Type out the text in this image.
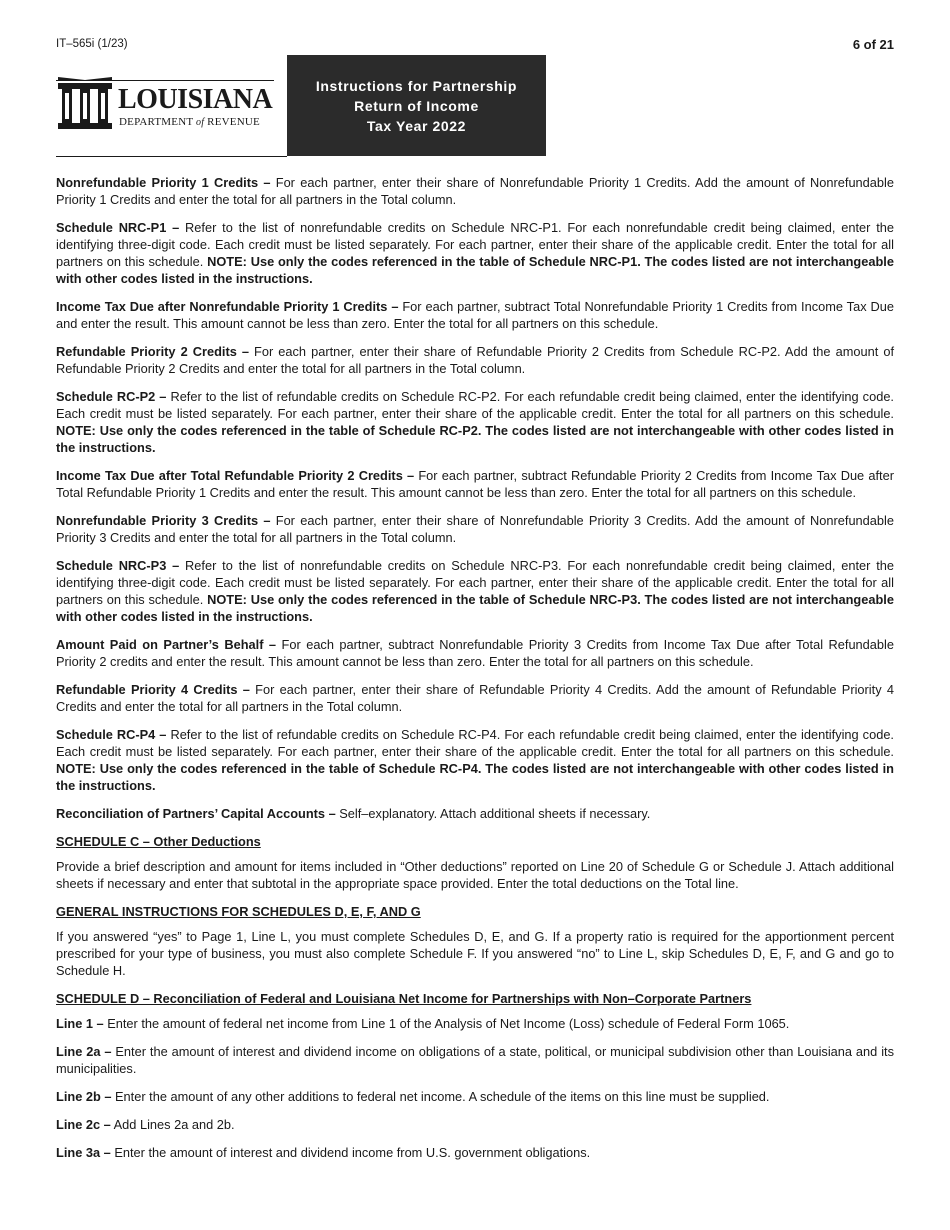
IT–565i (1/23)	6 of 21
LOUISIANA
DEPARTMENT of REVENUE
Instructions for Partnership
Return of Income
Tax Year 2022

Nonrefundable Priority 1 Credits – For each partner, enter their share of Nonrefundable Priority 1 Credits. Add the amount of Nonrefundable Priority 1 Credits and enter the total for all partners in the Total column.

Schedule NRC-P1 – Refer to the list of nonrefundable credits on Schedule NRC-P1. For each nonrefundable credit being claimed, enter the identifying three-digit code. Each credit must be listed separately. For each partner, enter their share of the applicable credit. Enter the total for all partners on this schedule. NOTE: Use only the codes referenced in the table of Schedule NRC-P1. The codes listed are not interchangeable with other codes listed in the instructions.

Income Tax Due after Nonrefundable Priority 1 Credits – For each partner, subtract Total Nonrefundable Priority 1 Credits from Income Tax Due and enter the result. This amount cannot be less than zero. Enter the total for all partners on this schedule.

Refundable Priority 2 Credits – For each partner, enter their share of Refundable Priority 2 Credits from Schedule RC-P2. Add the amount of Refundable Priority 2 Credits and enter the total for all partners in the Total column.

Schedule RC-P2 – Refer to the list of refundable credits on Schedule RC-P2. For each refundable credit being claimed, enter the identifying code. Each credit must be listed separately. For each partner, enter their share of the applicable credit. Enter the total for all partners on this schedule. NOTE: Use only the codes referenced in the table of Schedule RC-P2. The codes listed are not interchangeable with other codes listed in the instructions.

Income Tax Due after Total Refundable Priority 2 Credits – For each partner, subtract Refundable Priority 2 Credits from Income Tax Due after Total Refundable Priority 1 Credits and enter the result. This amount cannot be less than zero. Enter the total for all partners on this schedule.

Nonrefundable Priority 3 Credits – For each partner, enter their share of Nonrefundable Priority 3 Credits. Add the amount of Nonrefundable Priority 3 Credits and enter the total for all partners in the Total column.

Schedule NRC-P3 – Refer to the list of nonrefundable credits on Schedule NRC-P3. For each nonrefundable credit being claimed, enter the identifying three-digit code. Each credit must be listed separately. For each partner, enter their share of the applicable credit. Enter the total for all partners on this schedule. NOTE: Use only the codes referenced in the table of Schedule NRC-P3. The codes listed are not interchangeable with other codes listed in the instructions.

Amount Paid on Partner’s Behalf – For each partner, subtract Nonrefundable Priority 3 Credits from Income Tax Due after Total Refundable Priority 2 credits and enter the result. This amount cannot be less than zero. Enter the total for all partners on this schedule.

Refundable Priority 4 Credits – For each partner, enter their share of Refundable Priority 4 Credits. Add the amount of Refundable Priority 4 Credits and enter the total for all partners in the Total column.

Schedule RC-P4 – Refer to the list of refundable credits on Schedule RC-P4. For each refundable credit being claimed, enter the identifying code. Each credit must be listed separately. For each partner, enter their share of the applicable credit. Enter the total for all partners on this schedule. NOTE: Use only the codes referenced in the table of Schedule RC-P4. The codes listed are not interchangeable with other codes listed in the instructions.

Reconciliation of Partners’ Capital Accounts – Self–explanatory. Attach additional sheets if necessary.

SCHEDULE C – Other Deductions

Provide a brief description and amount for items included in “Other deductions” reported on Line 20 of Schedule G or Schedule J. Attach additional sheets if necessary and enter that subtotal in the appropriate space provided. Enter the total deductions on the Total line.

GENERAL INSTRUCTIONS FOR SCHEDULES D, E, F, AND G

If you answered “yes” to Page 1, Line L, you must complete Schedules D, E, and G. If a property ratio is required for the apportionment percent prescribed for your type of business, you must also complete Schedule F. If you answered “no” to Line L, skip Schedules D, E, F, and G and go to Schedule H.

SCHEDULE D – Reconciliation of Federal and Louisiana Net Income for Partnerships with Non–Corporate Partners

Line 1 – Enter the amount of federal net income from Line 1 of the Analysis of Net Income (Loss) schedule of Federal Form 1065.

Line 2a – Enter the amount of interest and dividend income on obligations of a state, political, or municipal subdivision other than Louisiana and its municipalities.

Line 2b – Enter the amount of any other additions to federal net income. A schedule of the items on this line must be supplied.

Line 2c – Add Lines 2a and 2b.

Line 3a – Enter the amount of interest and dividend income from U.S. government obligations.
